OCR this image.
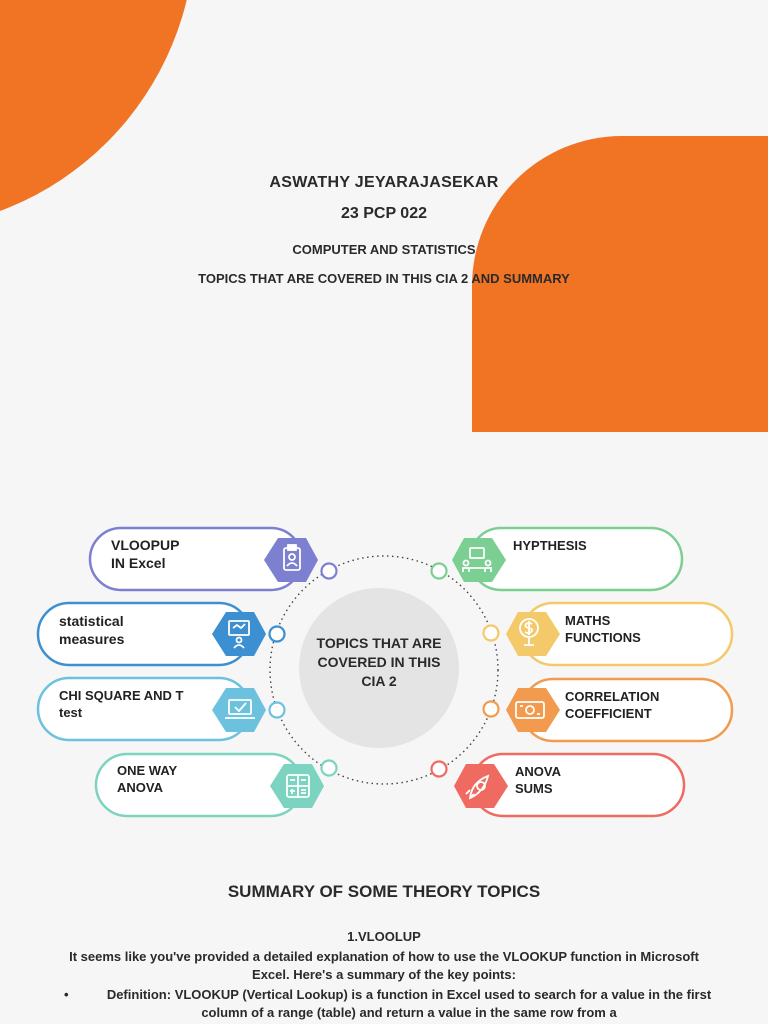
ASWATHY JEYARAJASEKAR
23 PCP 022
COMPUTER AND STATISTICS
TOPICS THAT ARE COVERED IN THIS CIA 2 AND SUMMARY
VLOOPUP
IN Excel
statistical
measures
CHI SQUARE AND T
test
ONE WAY
ANOVA
HYPTHESIS
MATHS
FUNCTIONS
CORRELATION
COEFFICIENT
ANOVA
SUMS
TOPICS THAT ARE COVERED IN THIS CIA 2
SUMMARY OF SOME THEORY TOPICS
1.VLOOLUP
It seems like you've provided a detailed explanation of how to use the VLOOKUP function in Microsoft Excel. Here's a summary of the key points:
•	Definition: VLOOKUP (Vertical Lookup) is a function in Excel used to search for a value in the first column of a range (table) and return a value in the same row from a
